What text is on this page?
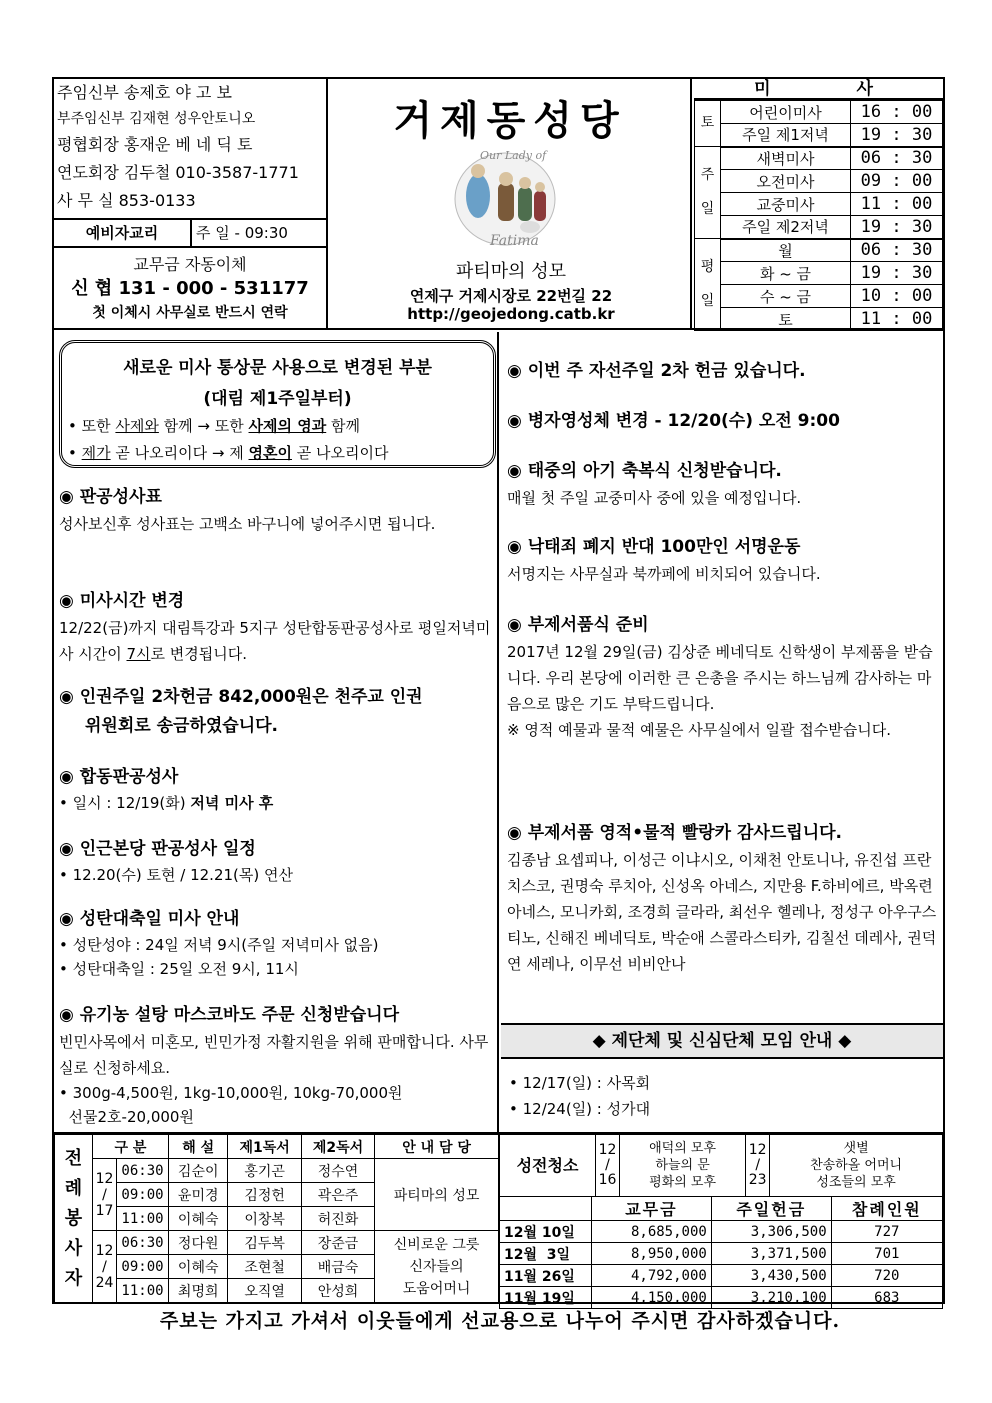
주임신부 송제호 야 고 보
부주임신부 김재현 성우안토니오
평협회장 홍재운 베 네 딕 토
연도회장 김두철 010-3587-1771
사 무 실 853-0133
예비자교리	주 일 - 09:30
교무금 자동이체
신 협 131 - 000 - 531177
첫 이체시 사무실로 반드시 연락
거제동성당
Our Lady of
Fatima
파티마의 성모
연제구 거제시장로 22번길 22
http://geojedong.catb.kr
미 사
토	어린이미사	16 : 00
	주일 제1저녁	19 : 30
주

일	새벽미사	06 : 30
	오전미사	09 : 00
	교중미사	11 : 00
	주일 제2저녁	19 : 30
평

일	월	06 : 30
	화 ~ 금	19 : 30
	수 ~ 금	10 : 00
	토	11 : 00
새로운 미사 통상문 사용으로 변경된 부분
(대림 제1주일부터)
• 또한 사제와 함께 → 또한 사제의 영과 함께
• 제가 곧 나오리이다 → 제 영혼이 곧 나오리이다
◉ 판공성사표

성사보신후 성사표는 고백소 바구니에 넣어주시면 됩니다.

◉ 미사시간 변경

12/22(금)까지 대림특강과 5지구 성탄합동판공성사로 평일저녁미사 시간이 7시로 변경됩니다.

◉ 인권주일 2차헌금 842,000원은 천주교 인권
위원회로 송금하였습니다.
◉ 합동판공성사
• 일시 : 12/19(화) 저녁 미사 후
◉ 인근본당 판공성사 일정
• 12.20(수) 토현 / 12.21(목) 연산
◉ 성탄대축일 미사 안내
• 성탄성야 : 24일 저녁 9시(주일 저녁미사 없음)
• 성탄대축일 : 25일 오전 9시, 11시
◉ 유기농 설탕 마스코바도 주문 신청받습니다

빈민사목에서 미혼모, 빈민가정 자활지원을 위해 판매합니다. 사무실로 신청하세요.

• 300g-4,500원, 1kg-10,000원, 10kg-70,000원
선물2호-20,000원
◉ 이번 주 자선주일 2차 헌금 있습니다.
◉ 병자영성체 변경 - 12/20(수) 오전 9:00
◉ 태중의 아기 축복식 신청받습니다.

매월 첫 주일 교중미사 중에 있을 예정입니다.

◉ 낙태죄 폐지 반대 100만인 서명운동

서명지는 사무실과 북까페에 비치되어 있습니다.

◉ 부제서품식 준비

2017년 12월 29일(금) 김상준 베네딕토 신학생이 부제품을 받습니다. 우리 본당에 이러한 큰 은총을 주시는 하느님께 감사하는 마음으로 많은 기도 부탁드립니다.

※ 영적 예물과 물적 예물은 사무실에서 일괄 접수받습니다.

◉ 부제서품 영적•물적 빨랑카 감사드립니다.

김종남 요셉피나, 이성근 이냐시오, 이채천 안토니나, 유진섭 프란치스코, 권명숙 루치아, 신성옥 아네스, 지만용 F.하비에르, 박옥련 아네스, 모니카회, 조경희 글라라, 최선우 헬레나, 정성구 아우구스티노, 신해진 베네딕토, 박순애 스콜라스티카, 김칠선 데레사, 권덕연 세레나, 이무선 비비안나

◆ 제단체 및 신심단체 모임 안내 ◆
• 12/17(일) : 사목회
• 12/24(일) : 성가대
전
례
봉
사
자	구 분		해 설	제1독서	제2독서	안 내 담 당
	12
/
17	06:30	김순이	홍기곤	정수연	파티마의 성모
		09:00	윤미경	김정헌	곽은주	
		11:00	이혜숙	이창복	허진화	
	12
/
24	06:30	정다원	김두복	장준금	신비로운 그릇
신자들의
도움어머니
		09:00	이혜숙	조현철	배금숙	
		11:00	최명희	오직열	안성희	
성전청소	12
/
16	애덕의 모후
하늘의 문
평화의 모후	12
/
23	샛별
찬송하올 어머니
성조들의 모후
	교무금	주일헌금	참례인원
12월 10일	8,685,000	3,306,500	727
12월  3일	8,950,000	3,371,500	701
11월 26일	4,792,000	3,430,500	720
11월 19일	4,150,000	3,210,100	683
주보는 가지고 가셔서 이웃들에게 선교용으로 나누어 주시면 감사하겠습니다.
